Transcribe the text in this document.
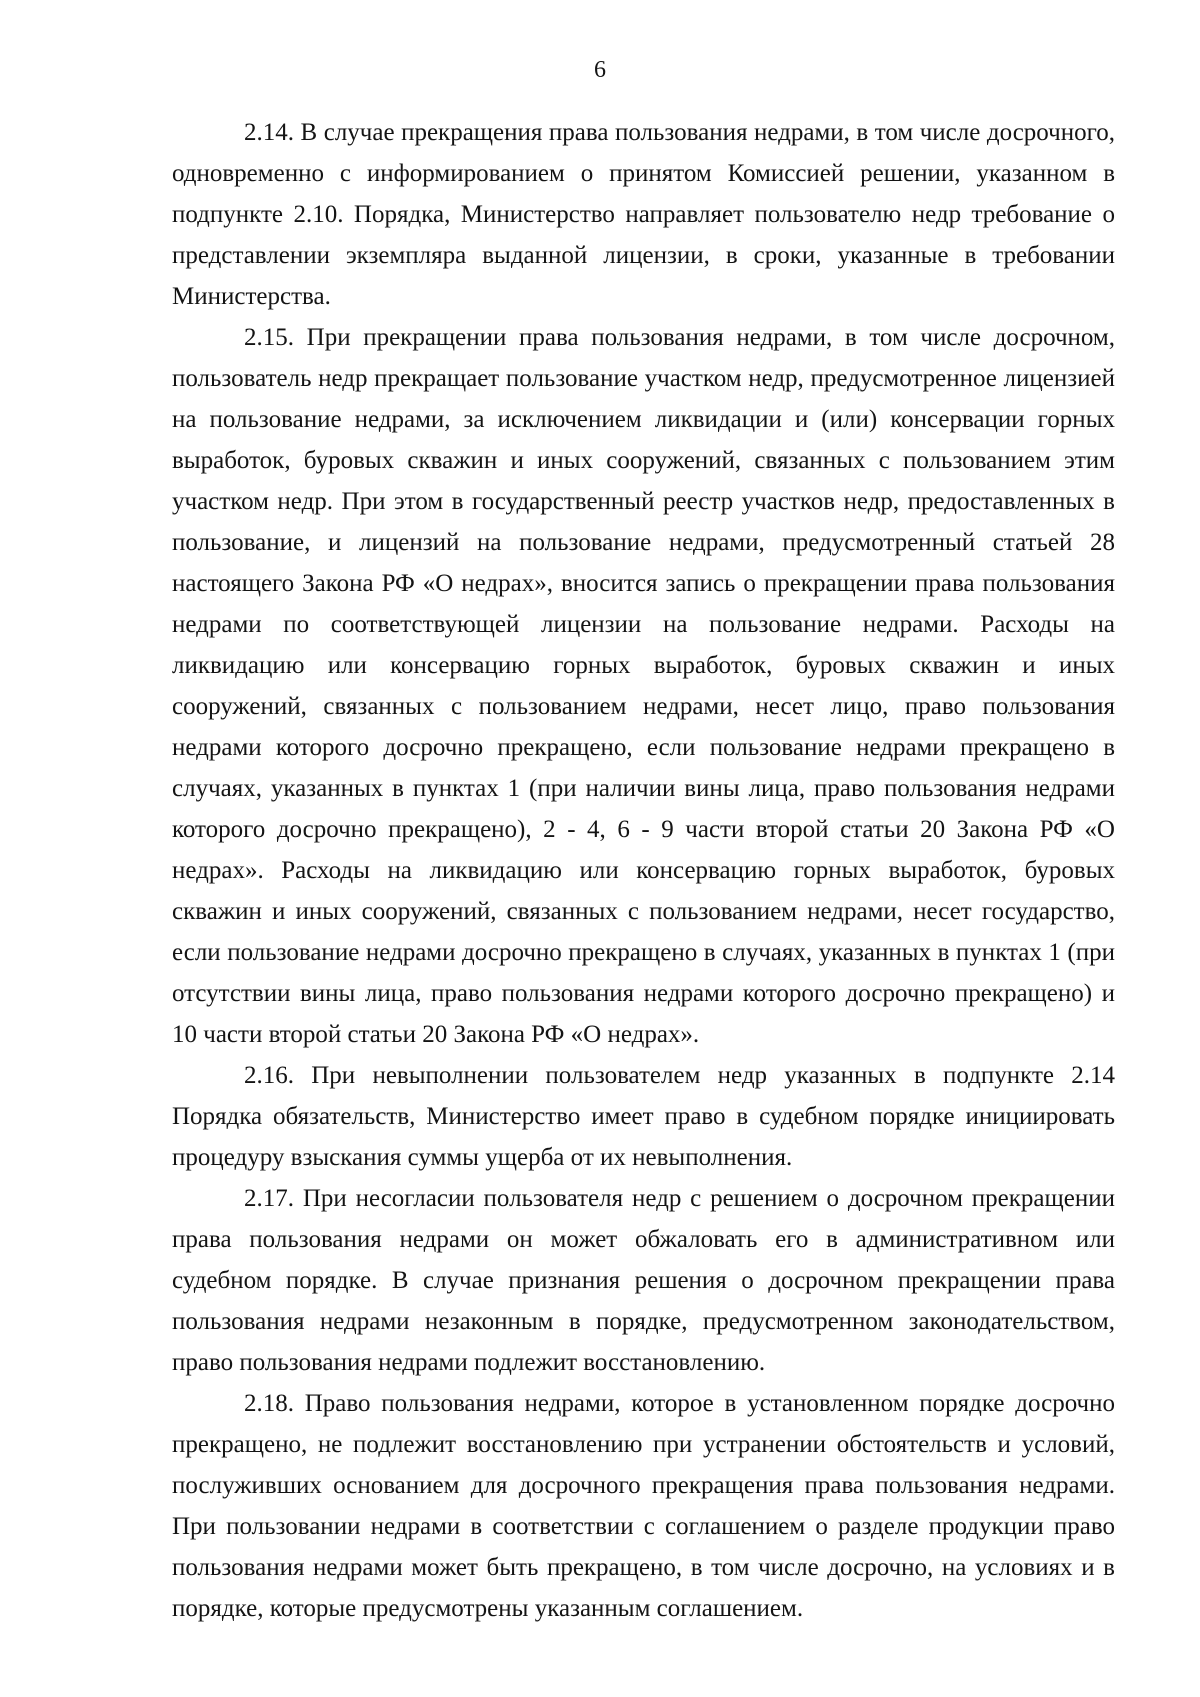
6

2.14. В случае прекращения права пользования недрами, в том числе досрочного, одновременно с информированием о принятом Комиссией решении, указанном в подпункте 2.10. Порядка, Министерство направляет пользователю недр требование о представлении экземпляра выданной лицензии, в сроки, указанные в требовании Министерства.

2.15. При прекращении права пользования недрами, в том числе досрочном, пользователь недр прекращает пользование участком недр, предусмотренное лицензией на пользование недрами, за исключением ликвидации и (или) консервации горных выработок, буровых скважин и иных сооружений, связанных с пользованием этим участком недр. При этом в государственный реестр участков недр, предоставленных в пользование, и лицензий на пользование недрами, предусмотренный статьей 28 настоящего Закона РФ «О недрах», вносится запись о прекращении права пользования недрами по соответствующей лицензии на пользование недрами. Расходы на ликвидацию или консервацию горных выработок, буровых скважин и иных сооружений, связанных с пользованием недрами, несет лицо, право пользования недрами которого досрочно прекращено, если пользование недрами прекращено в случаях, указанных в пунктах 1 (при наличии вины лица, право пользования недрами которого досрочно прекращено), 2 - 4, 6 - 9 части второй статьи 20 Закона РФ «О недрах». Расходы на ликвидацию или консервацию горных выработок, буровых скважин и иных сооружений, связанных с пользованием недрами, несет государство, если пользование недрами досрочно прекращено в случаях, указанных в пунктах 1 (при отсутствии вины лица, право пользования недрами которого досрочно прекращено) и 10 части второй статьи 20 Закона РФ «О недрах».

2.16. При невыполнении пользователем недр указанных в подпункте 2.14 Порядка обязательств, Министерство имеет право в судебном порядке инициировать процедуру взыскания суммы ущерба от их невыполнения.

2.17. При несогласии пользователя недр с решением о досрочном прекращении права пользования недрами он может обжаловать его в административном или судебном порядке. В случае признания решения о досрочном прекращении права пользования недрами незаконным в порядке, предусмотренном законодательством, право пользования недрами подлежит восстановлению.

2.18. Право пользования недрами, которое в установленном порядке досрочно прекращено, не подлежит восстановлению при устранении обстоятельств и условий, послуживших основанием для досрочного прекращения права пользования недрами. При пользовании недрами в соответствии с соглашением о разделе продукции право пользования недрами может быть прекращено, в том числе досрочно, на условиях и в порядке, которые предусмотрены указанным соглашением.
